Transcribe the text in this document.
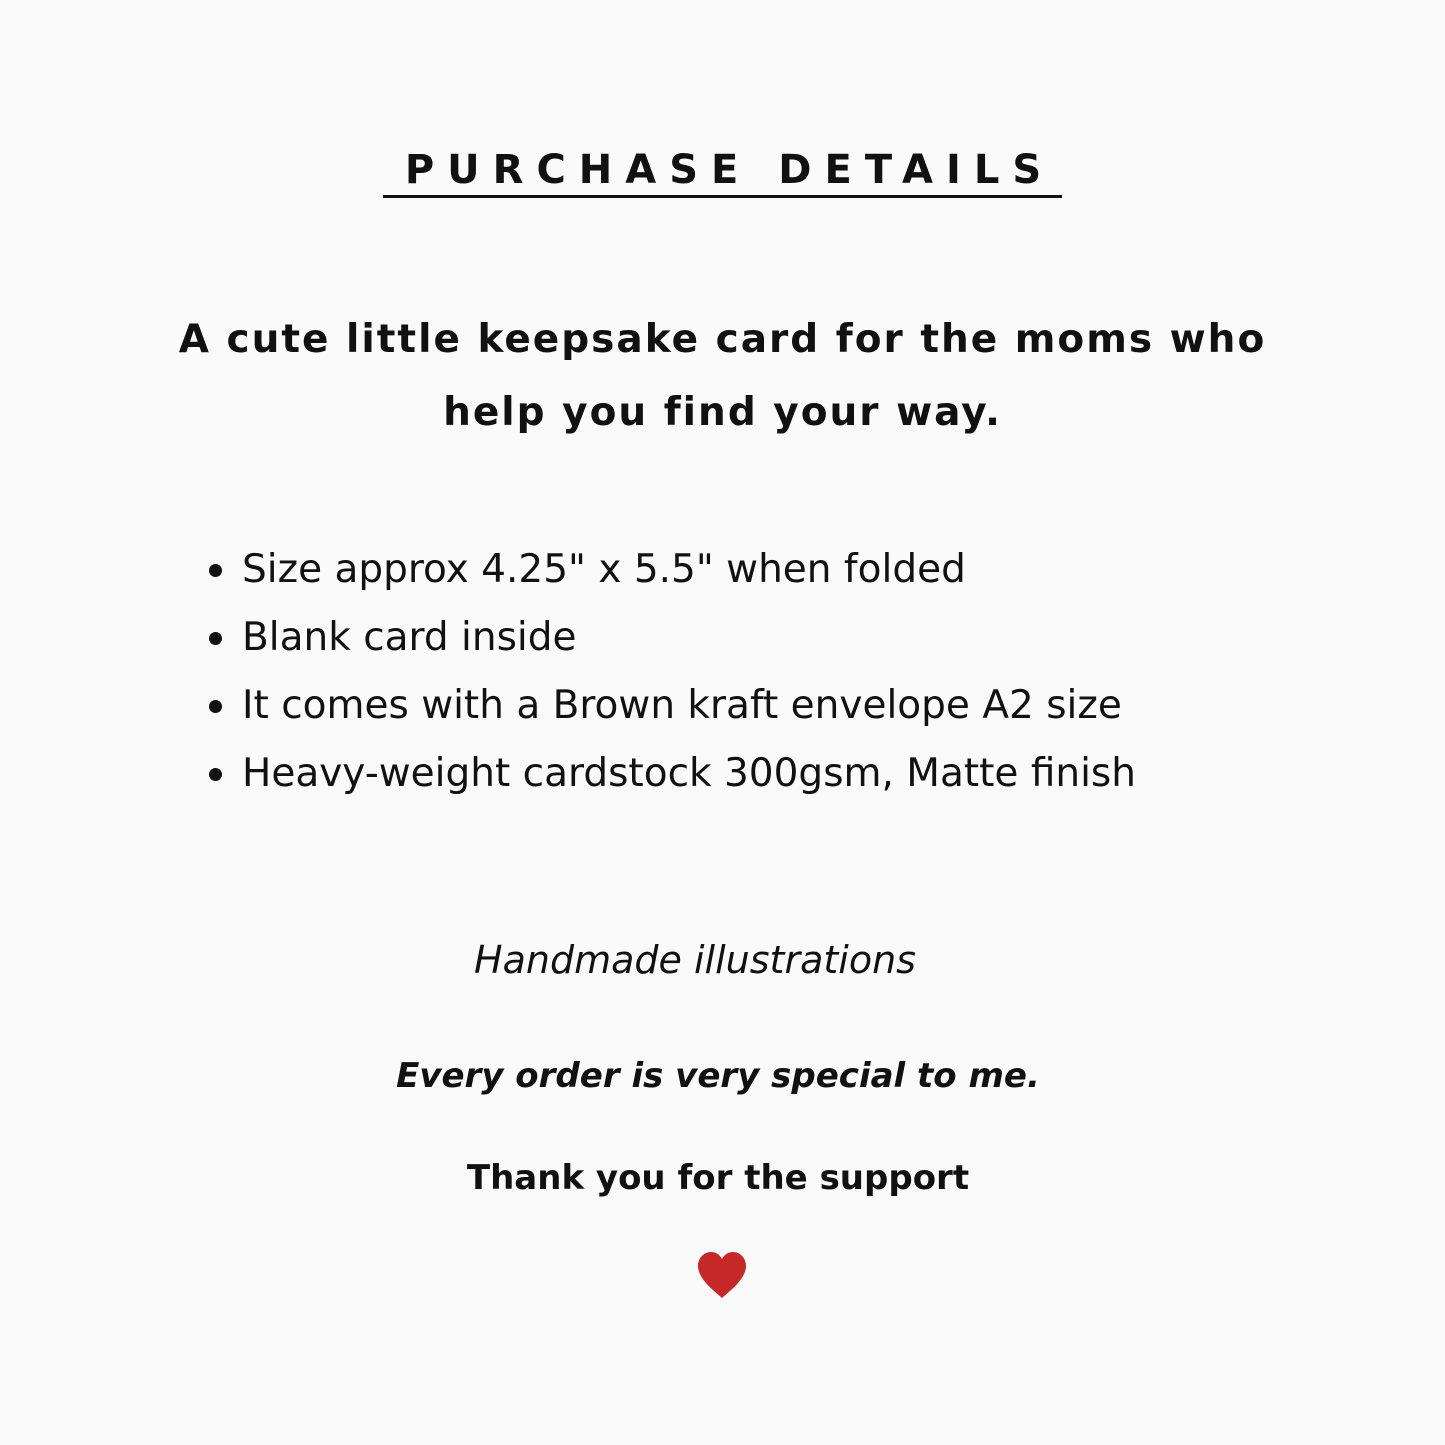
PURCHASE DETAILS

A cute little keepsake card for the moms who
help you find your way.

Size approx 4.25" x 5.5" when folded
Blank card inside
It comes with a Brown kraft envelope A2 size
Heavy-weight cardstock 300gsm, Matte finish

Handmade illustrations

Every order is very special to me.

Thank you for the support
